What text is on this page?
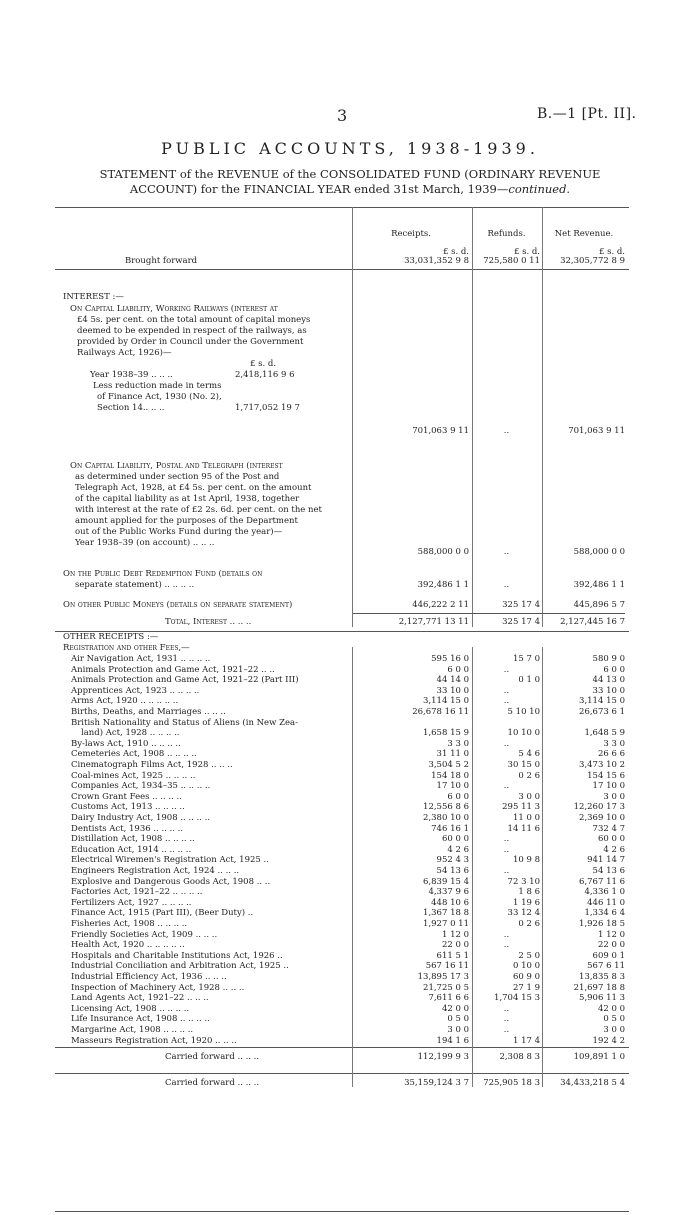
3	B.—1 [Pt. II].
PUBLIC ACCOUNTS, 1938-1939.
STATEMENT of the REVENUE of the CONSOLIDATED FUND (ORDINARY REVENUE
ACCOUNT) for the FINANCIAL YEAR ended 31st March, 1939—continued.
Receipts.	Refunds.	Net Revenue.
£ s. d.	£ s. d.	£ s. d.
Brought forward	33,031,352 9 8	725,580 0 11	32,305,772 8 9
INTEREST :—
On Capital Liability, Working Railways (interest at
£4 5s. per cent. on the total amount of capital moneys
deemed to be expended in respect of the railways, as
provided by Order in Council under the Government
Railways Act, 1926)—
£ s. d.
Year 1938–39 .. .. ..	2,418,116 9 6
Less reduction made in terms
of Finance Act, 1930 (No. 2),
Section 14.. .. ..	1,717,052 19 7
701,063 9 11	..	701,063 9 11
On Capital Liability, Postal and Telegraph (interest
as determined under section 95 of the Post and
Telegraph Act, 1928, at £4 5s. per cent. on the amount
of the capital liability as at 1st April, 1938, together
with interest at the rate of £2 2s. 6d. per cent. on the net
amount applied for the purposes of the Department
out of the Public Works Fund during the year)—
Year 1938–39 (on account) .. .. ..
588,000 0 0	..	588,000 0 0
On the Public Debt Redemption Fund (details on
separate statement) .. .. .. ..	392,486 1 1	..	392,486 1 1
On other Public Moneys (details on separate statement)	446,222 2 11	325 17 4	445,896 5 7
Total, Interest .. .. ..	2,127,771 13 11	325 17 4	2,127,445 16 7
OTHER RECEIPTS :—
Registration and other Fees,—
Air Navigation Act, 1931 .. .. .. ..	595 16 0	15 7 0	580 9 0
Animals Protection and Game Act, 1921–22 .. ..	6 0 0	..	6 0 0
Animals Protection and Game Act, 1921–22 (Part III)	44 14 0	0 1 0	44 13 0
Apprentices Act, 1923 .. .. .. ..	33 10 0	..	33 10 0
Arms Act, 1920 .. .. .. .. ..	3,114 15 0	..	3,114 15 0
Births, Deaths, and Marriages .. .. ..	26,678 16 11	5 10 10	26,673 6 1
British Nationality and Status of Aliens (in New Zea-
land) Act, 1928 .. .. .. ..	1,658 15 9	10 10 0	1,648 5 9
By-laws Act, 1910 .. .. .. ..	3 3 0	..	3 3 0
Cemeteries Act, 1908 .. .. .. ..	31 11 0	5 4 6	26 6 6
Cinematograph Films Act, 1928 .. .. ..	3,504 5 2	30 15 0	3,473 10 2
Coal-mines Act, 1925 .. .. .. ..	154 18 0	0 2 6	154 15 6
Companies Act, 1934–35 .. .. .. ..	17 10 0	..	17 10 0
Crown Grant Fees .. .. .. ..	6 0 0	3 0 0	3 0 0
Customs Act, 1913 .. .. .. ..	12,556 8 6	295 11 3	12,260 17 3
Dairy Industry Act, 1908 .. .. .. ..	2,380 10 0	11 0 0	2,369 10 0
Dentists Act, 1936 .. .. .. ..	746 16 1	14 11 6	732 4 7
Distillation Act, 1908 .. .. .. ..	60 0 0	..	60 0 0
Education Act, 1914 .. .. .. ..	4 2 6	..	4 2 6
Electrical Wiremen's Registration Act, 1925 ..	952 4 3	10 9 8	941 14 7
Engineers Registration Act, 1924 .. .. ..	54 13 6	..	54 13 6
Explosive and Dangerous Goods Act, 1908 .. ..	6,839 15 4	72 3 10	6,767 11 6
Factories Act, 1921–22 .. .. .. ..	4,337 9 6	1 8 6	4,336 1 0
Fertilizers Act, 1927 .. .. .. ..	448 10 6	1 19 6	446 11 0
Finance Act, 1915 (Part III), (Beer Duty) ..	1,367 18 8	33 12 4	1,334 6 4
Fisheries Act, 1908 .. .. .. ..	1,927 0 11	0 2 6	1,926 18 5
Friendly Societies Act, 1909 .. .. ..	1 12 0	..	1 12 0
Health Act, 1920 .. .. .. .. ..	22 0 0	..	22 0 0
Hospitals and Charitable Institutions Act, 1926 ..	611 5 1	2 5 0	609 0 1
Industrial Conciliation and Arbitration Act, 1925 ..	567 16 11	0 10 0	567 6 11
Industrial Efficiency Act, 1936 .. .. ..	13,895 17 3	60 9 0	13,835 8 3
Inspection of Machinery Act, 1928 .. .. ..	21,725 0 5	27 1 9	21,697 18 8
Land Agents Act, 1921–22 .. .. ..	7,611 6 6	1,704 15 3	5,906 11 3
Licensing Act, 1908 .. .. .. ..	42 0 0	..	42 0 0
Life Insurance Act, 1908 .. .. .. ..	0 5 0	..	0 5 0
Margarine Act, 1908 .. .. .. ..	3 0 0	..	3 0 0
Masseurs Registration Act, 1920 .. .. ..	194 1 6	1 17 4	192 4 2
Carried forward .. .. ..	112,199 9 3	2,308 8 3	109,891 1 0
Carried forward .. .. ..	35,159,124 3 7	725,905 18 3	34,433,218 5 4
